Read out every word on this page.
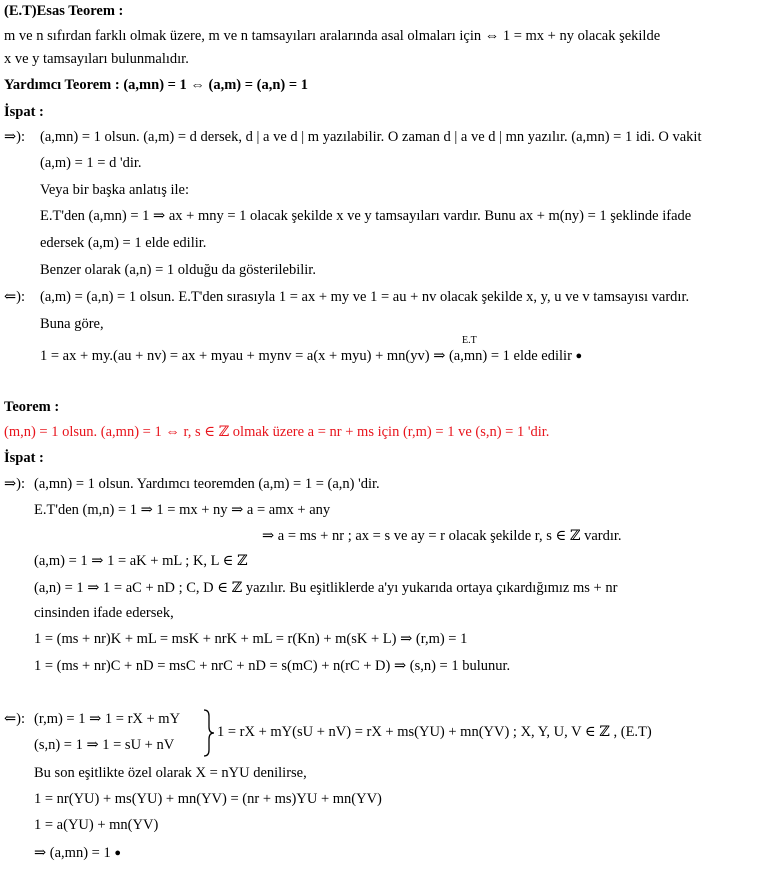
(E.T)Esas Teorem :
m ve n sıfırdan farklı olmak üzere, m ve n tamsayıları aralarında asal olmaları için ⇔ 1 = mx + ny olacak şekilde
x ve y tamsayıları bulunmalıdır.
Yardımcı Teorem : (a,mn) = 1 ⇔ (a,m) = (a,n) = 1
İspat :
⇒): (a,mn) = 1 olsun. (a,m) = d dersek, d | a ve d | m yazılabilir. O zaman d | a ve d | mn yazılır. (a,mn) = 1 idi. O vakit
(a,m) = 1 = d 'dir.
Veya bir başka anlatış ile:
E.T'den (a,mn) = 1 ⇒ ax + mny = 1 olacak şekilde x ve y tamsayıları vardır. Bunu ax + m(ny) = 1 şeklinde ifade
edersek (a,m) = 1 elde edilir.
Benzer olarak (a,n) = 1 olduğu da gösterilebilir.
⇐): (a,m) = (a,n) = 1 olsun. E.T'den sırasıyla 1 = ax + my ve 1 = au + nv olacak şekilde x, y, u ve v tamsayısı vardır.
Buna göre,
E.T
1 = ax + my.(au + nv) = ax + myau + mynv = a(x + myu) + mn(yv) ⇒ (a,mn) = 1 elde edilir ●
Teorem :
(m,n) = 1 olsun. (a,mn) = 1 ⇔ r, s ∈ ℤ olmak üzere a = nr + ms için (r,m) = 1 ve (s,n) = 1 'dir.
İspat :
⇒): (a,mn) = 1 olsun. Yardımcı teoremden (a,m) = 1 = (a,n) 'dir.
E.T'den (m,n) = 1 ⇒ 1 = mx + ny ⇒ a = amx + any
⇒ a = ms + nr ; ax = s ve ay = r olacak şekilde r, s ∈ ℤ vardır.
(a,m) = 1 ⇒ 1 = aK + mL ; K, L ∈ ℤ
(a,n) = 1 ⇒ 1 = aC + nD ; C, D ∈ ℤ yazılır. Bu eşitliklerde a'yı yukarıda ortaya çıkardığımız ms + nr
cinsinden ifade edersek,
1 = (ms + nr)K + mL = msK + nrK + mL = r(Kn) + m(sK + L) ⇒ (r,m) = 1
1 = (ms + nr)C + nD = msC + nrC + nD = s(mC) + n(rC + D) ⇒ (s,n) = 1 bulunur.
⇐): (r,m) = 1 ⇒ 1 = rX + mY
(s,n) = 1 ⇒ 1 = sU + nV
1 = rX + mY(sU + nV) = rX + ms(YU) + mn(YV) ; X, Y, U, V ∈ ℤ , (E.T)
Bu son eşitlikte özel olarak X = nYU denilirse,
1 = nr(YU) + ms(YU) + mn(YV) = (nr + ms)YU + mn(YV)
1 = a(YU) + mn(YV)
⇒ (a,mn) = 1 ●
